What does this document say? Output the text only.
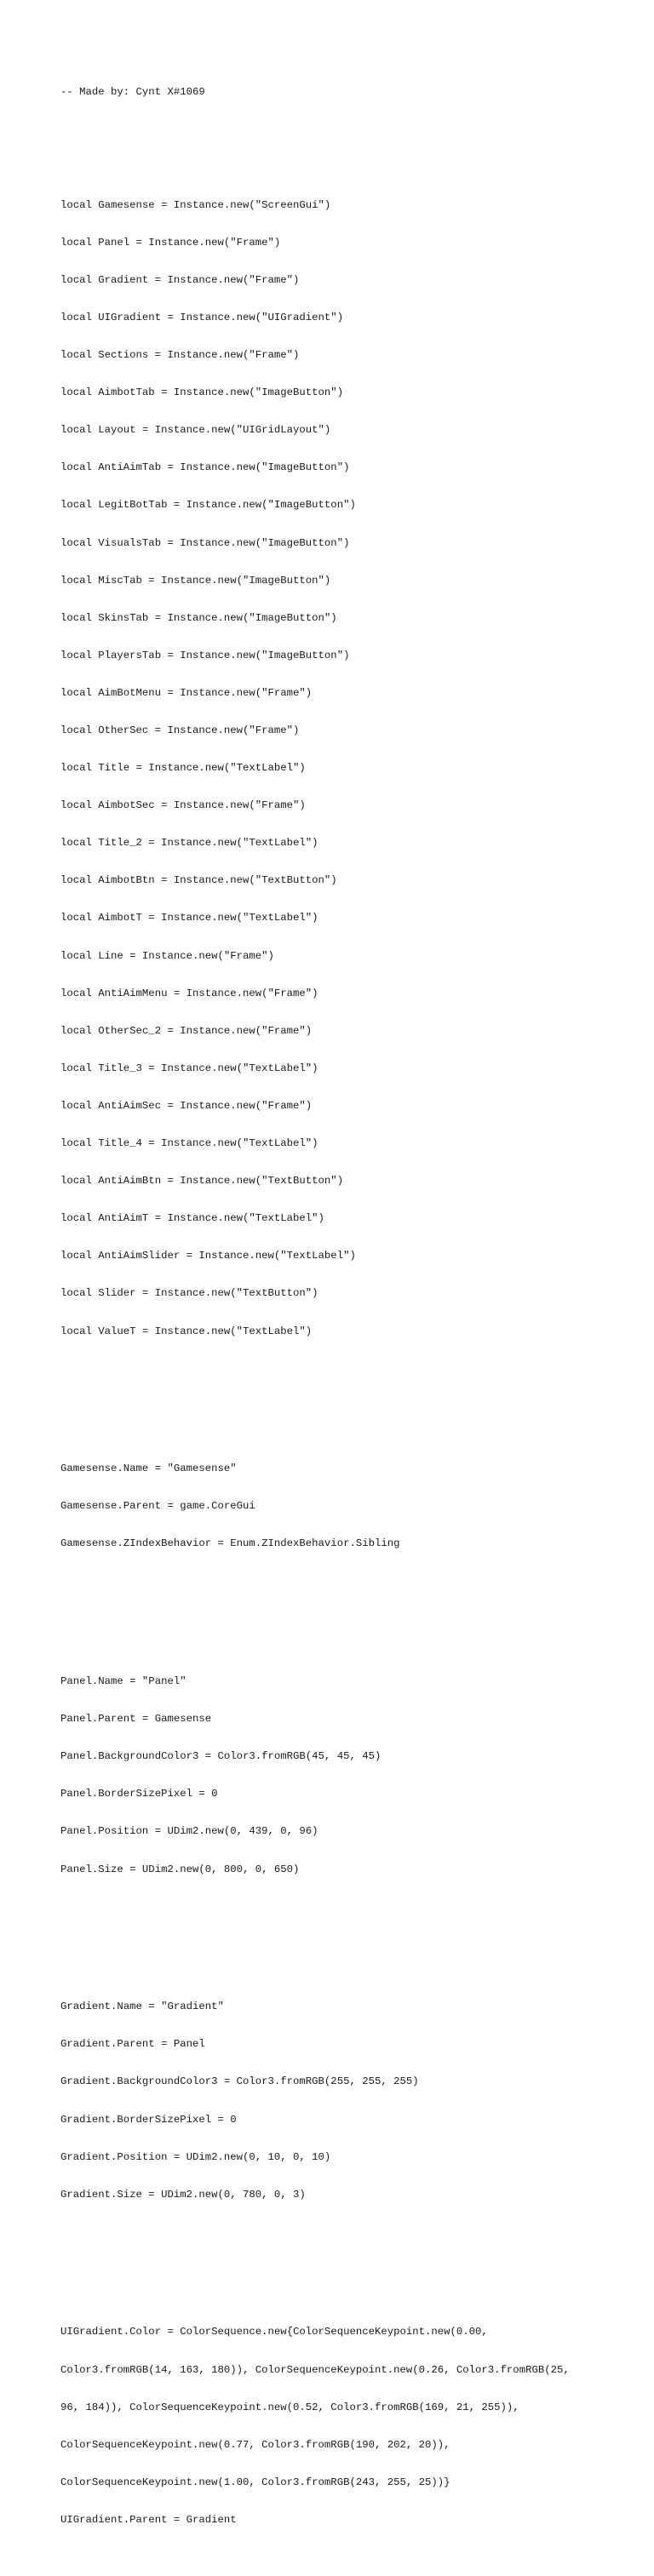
-- Made by: Cynt X#1069

local Gamesense = Instance.new("ScreenGui")

local Panel = Instance.new("Frame")

local Gradient = Instance.new("Frame")

local UIGradient = Instance.new("UIGradient")

local Sections = Instance.new("Frame")

local AimbotTab = Instance.new("ImageButton")

local Layout = Instance.new("UIGridLayout")

local AntiAimTab = Instance.new("ImageButton")

local LegitBotTab = Instance.new("ImageButton")

local VisualsTab = Instance.new("ImageButton")

local MiscTab = Instance.new("ImageButton")

local SkinsTab = Instance.new("ImageButton")

local PlayersTab = Instance.new("ImageButton")

local AimBotMenu = Instance.new("Frame")

local OtherSec = Instance.new("Frame")

local Title = Instance.new("TextLabel")

local AimbotSec = Instance.new("Frame")

local Title_2 = Instance.new("TextLabel")

local AimbotBtn = Instance.new("TextButton")

local AimbotT = Instance.new("TextLabel")

local Line = Instance.new("Frame")

local AntiAimMenu = Instance.new("Frame")

local OtherSec_2 = Instance.new("Frame")

local Title_3 = Instance.new("TextLabel")

local AntiAimSec = Instance.new("Frame")

local Title_4 = Instance.new("TextLabel")

local AntiAimBtn = Instance.new("TextButton")

local AntiAimT = Instance.new("TextLabel")

local AntiAimSlider = Instance.new("TextLabel")

local Slider = Instance.new("TextButton")

local ValueT = Instance.new("TextLabel")

Gamesense.Name = "Gamesense"

Gamesense.Parent = game.CoreGui

Gamesense.ZIndexBehavior = Enum.ZIndexBehavior.Sibling

Panel.Name = "Panel"

Panel.Parent = Gamesense

Panel.BackgroundColor3 = Color3.fromRGB(45, 45, 45)

Panel.BorderSizePixel = 0

Panel.Position = UDim2.new(0, 439, 0, 96)

Panel.Size = UDim2.new(0, 800, 0, 650)

Gradient.Name = "Gradient"

Gradient.Parent = Panel

Gradient.BackgroundColor3 = Color3.fromRGB(255, 255, 255)

Gradient.BorderSizePixel = 0

Gradient.Position = UDim2.new(0, 10, 0, 10)

Gradient.Size = UDim2.new(0, 780, 0, 3)

UIGradient.Color = ColorSequence.new{ColorSequenceKeypoint.new(0.00,

Color3.fromRGB(14, 163, 180)), ColorSequenceKeypoint.new(0.26, Color3.fromRGB(25,

96, 184)), ColorSequenceKeypoint.new(0.52, Color3.fromRGB(169, 21, 255)),

ColorSequenceKeypoint.new(0.77, Color3.fromRGB(190, 202, 20)),

ColorSequenceKeypoint.new(1.00, Color3.fromRGB(243, 255, 25))}

UIGradient.Parent = Gradient
